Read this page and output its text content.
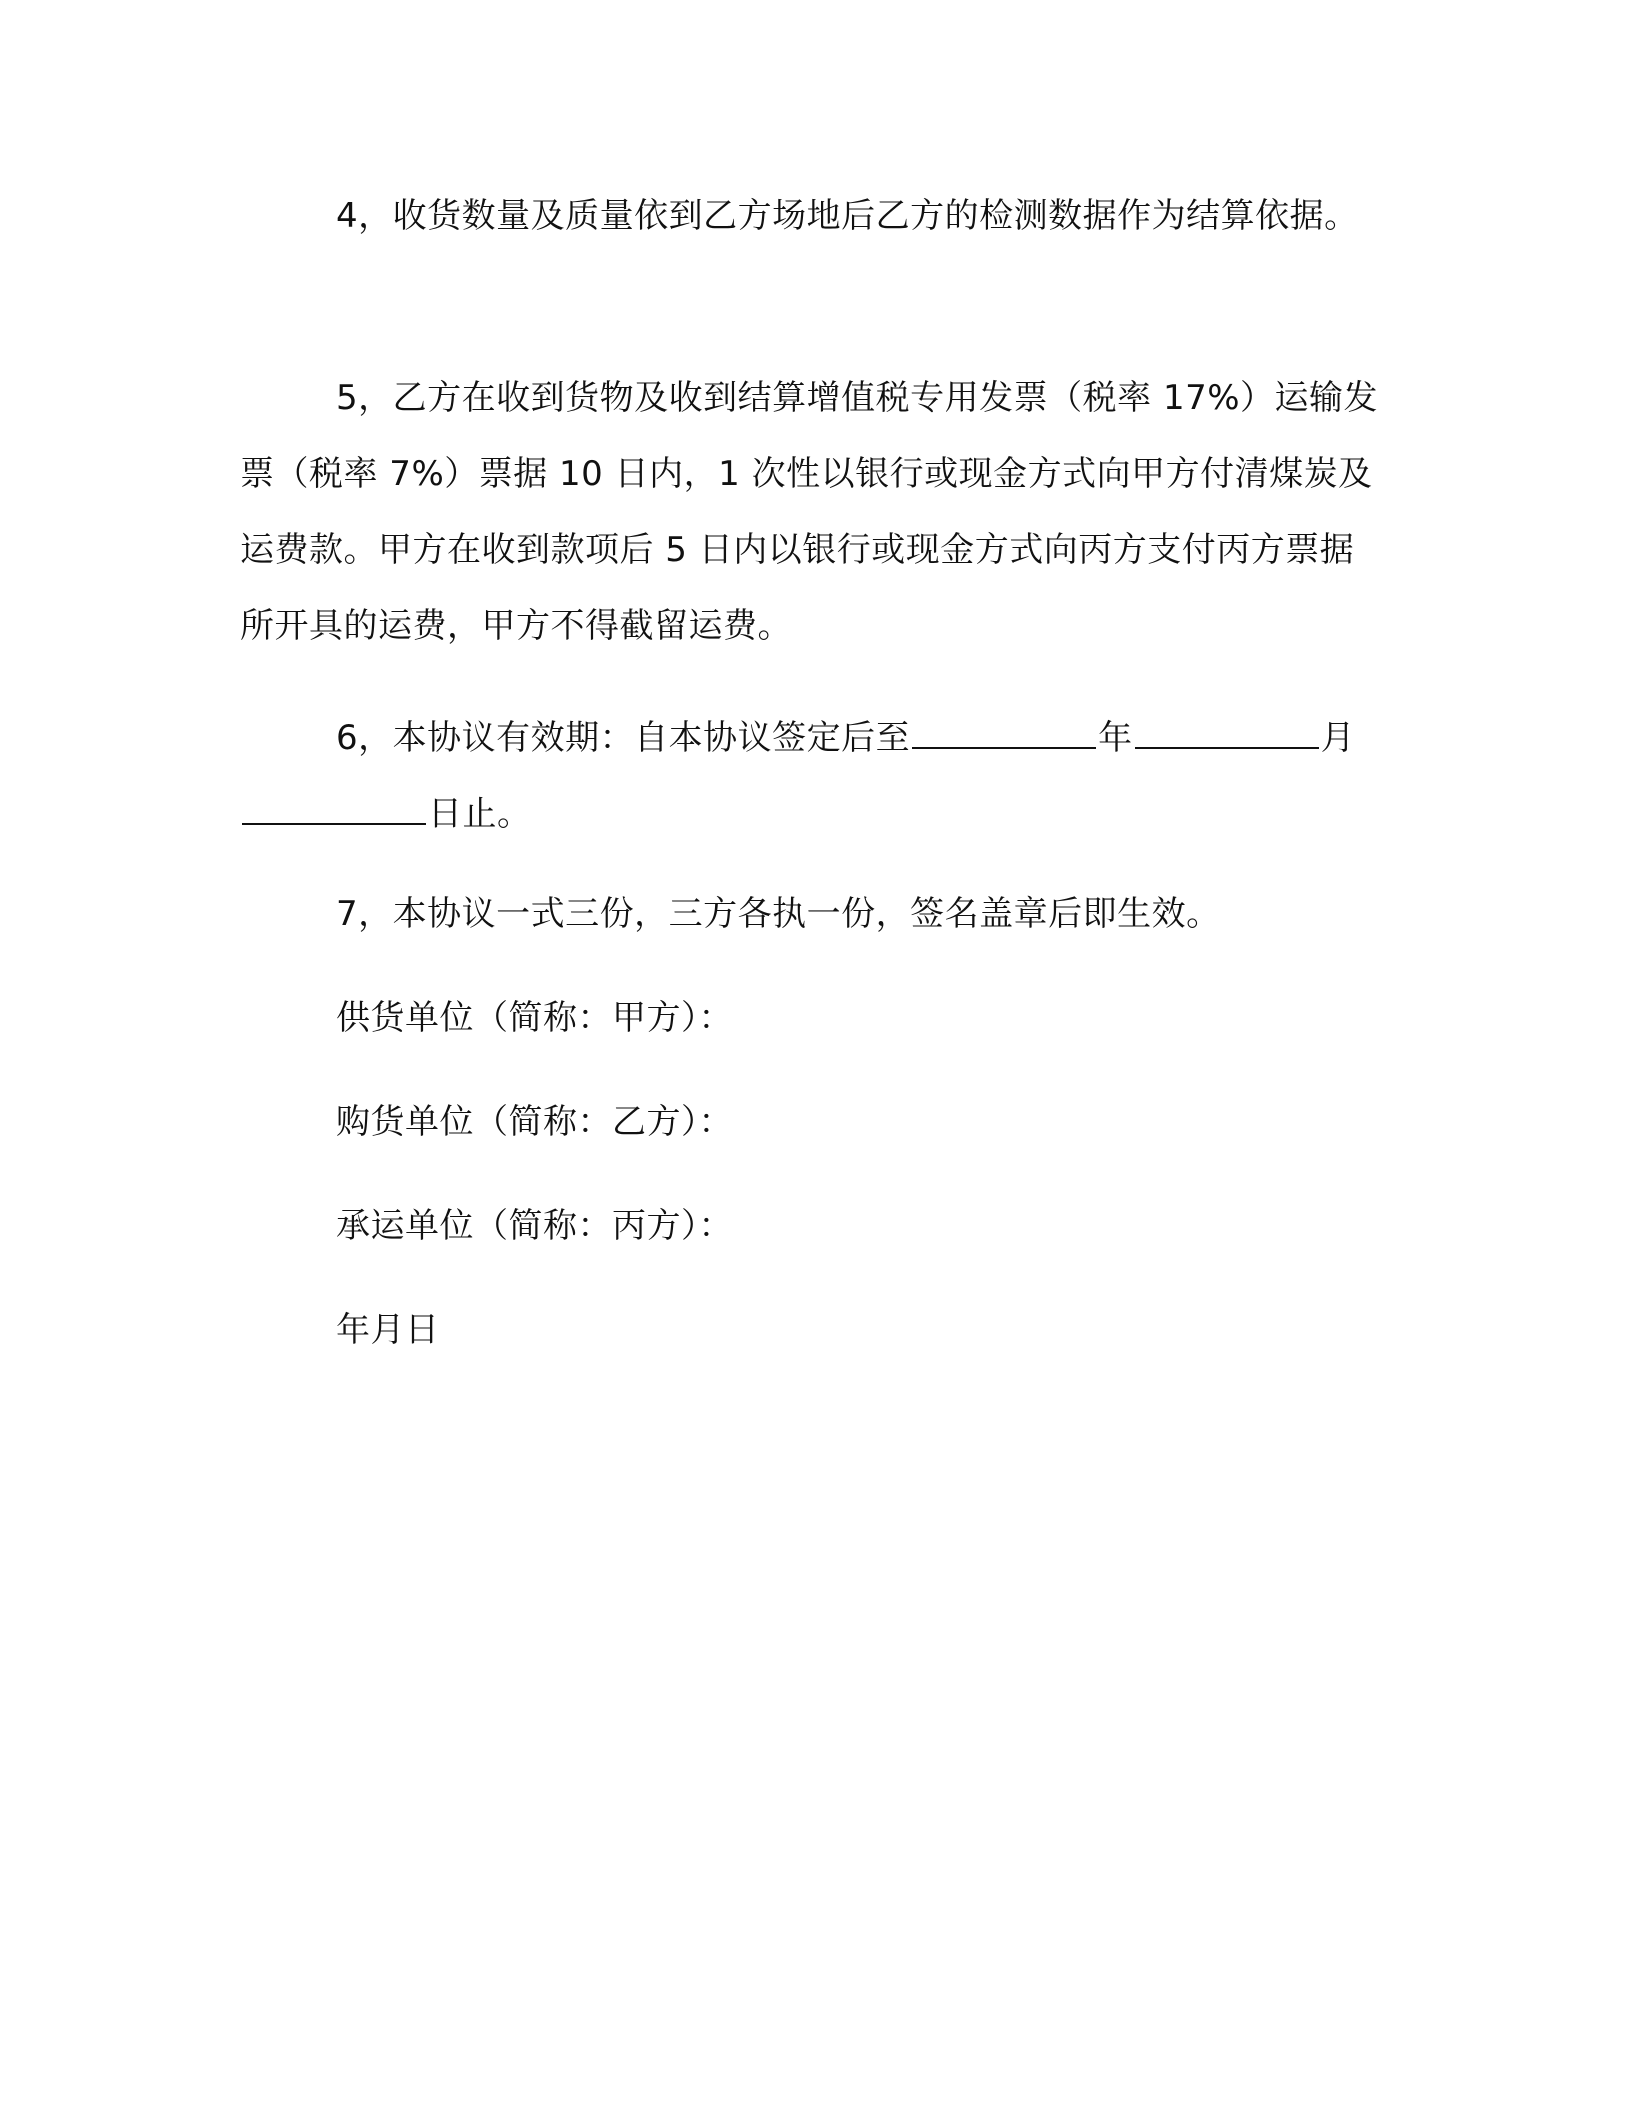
4，收货数量及质量依到乙方场地后乙方的检测数据作为结算依据。

5，乙方在收到货物及收到结算增值税专用发票（税率 17%）运输发票（税率 7%）票据 10 日内，1 次性以银行或现金方式向甲方付清煤炭及运费款。甲方在收到款项后 5 日内以银行或现金方式向丙方支付丙方票据所开具的运费，甲方不得截留运费。

6，本协议有效期：自本协议签定后至	年	月日止。

7，本协议一式三份，三方各执一份，签名盖章后即生效。

供货单位（简称：甲方）：

购货单位（简称：乙方）：

承运单位（简称：丙方）：

年月日
